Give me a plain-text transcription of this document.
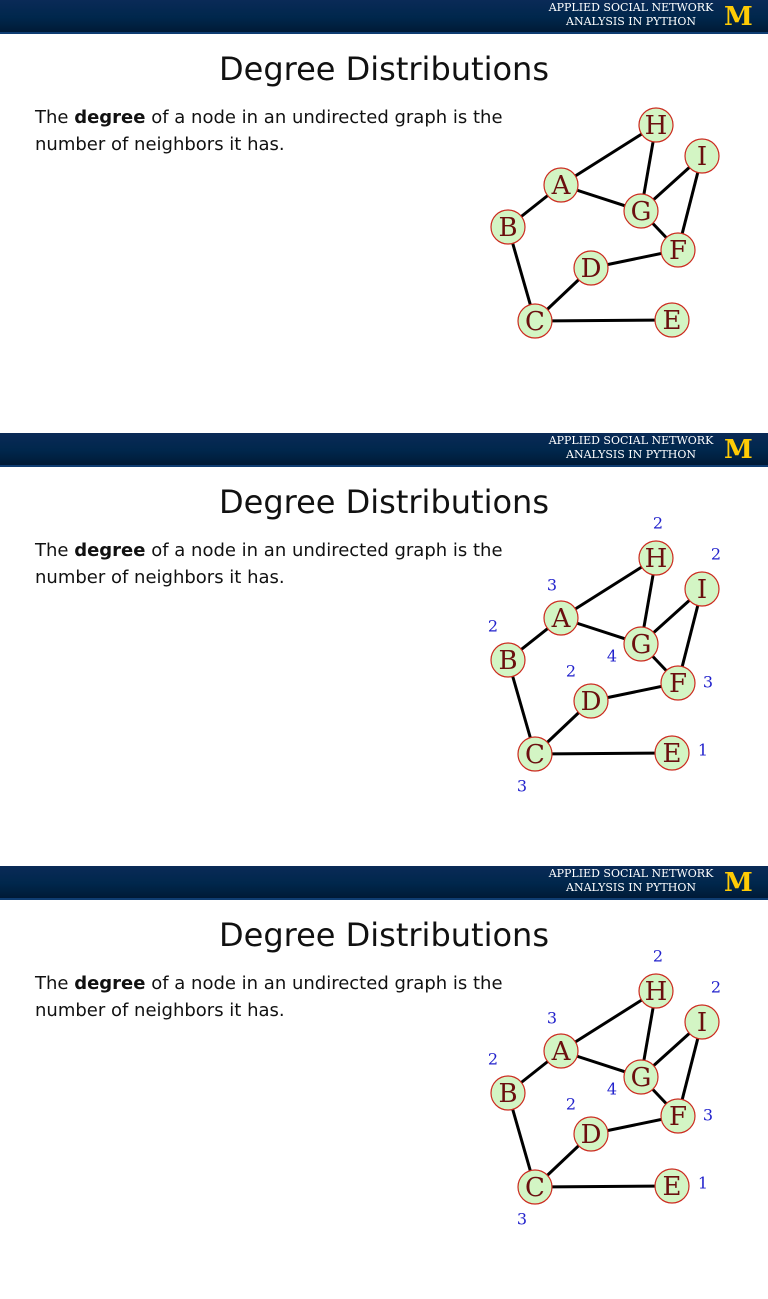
APPLIED SOCIAL NETWORK
ANALYSIS IN PYTHON	M
Degree Distributions
The degree of a node in an undirected graph is the number of neighbors it has.
H
I
A
G
B
F
D
C	E
APPLIED SOCIAL NETWORK
ANALYSIS IN PYTHON	M
Degree Distributions
The degree of a node in an undirected graph is the number of neighbors it has.
H
2
I
2
A
3
G
4
B
2
F 3
D
2
C
3
E 1
APPLIED SOCIAL NETWORK
ANALYSIS IN PYTHON	M
Degree Distributions
The degree of a node in an undirected graph is the number of neighbors it has.
H
2
I
2
A
3
G
4
B
2
F 3
D
2
C
3
E 1
